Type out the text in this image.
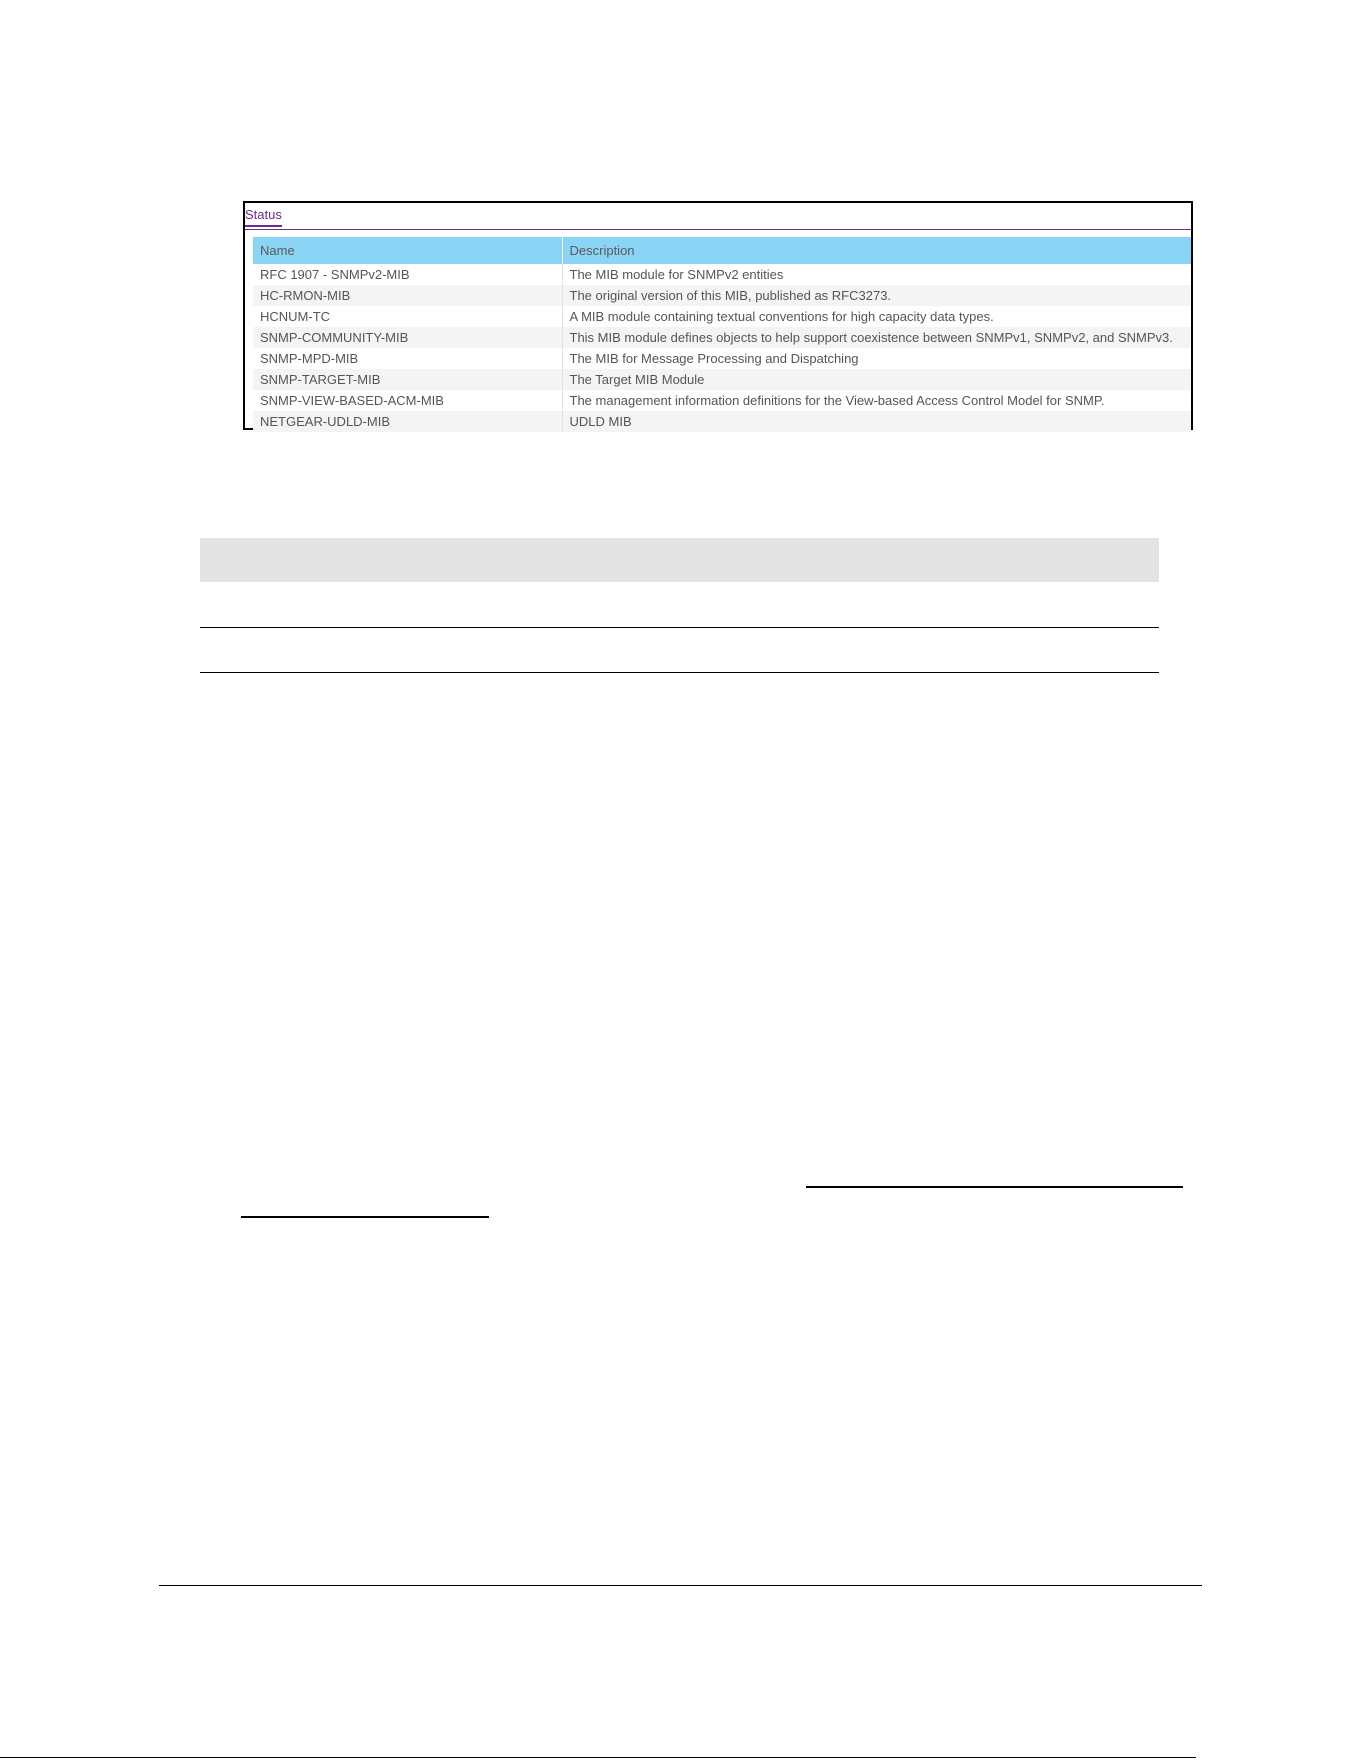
Status
Name	Description
RFC 1907 - SNMPv2-MIB	The MIB module for SNMPv2 entities
HC-RMON-MIB	The original version of this MIB, published as RFC3273.
HCNUM-TC	A MIB module containing textual conventions for high capacity data types.
SNMP-COMMUNITY-MIB	This MIB module defines objects to help support coexistence between SNMPv1, SNMPv2, and SNMPv3.
SNMP-MPD-MIB	The MIB for Message Processing and Dispatching
SNMP-TARGET-MIB	The Target MIB Module
SNMP-VIEW-BASED-ACM-MIB	The management information definitions for the View-based Access Control Model for SNMP.
NETGEAR-UDLD-MIB	UDLD MIB
